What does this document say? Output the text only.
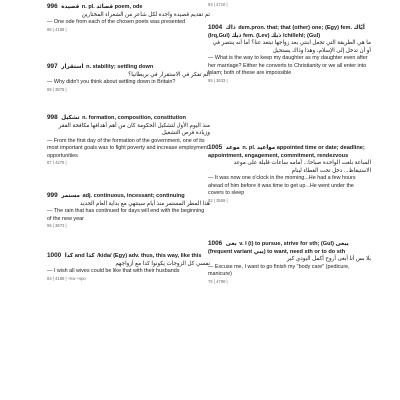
996 قصيدة n. pl. قصائد poem, ode
تم تقديم قصيدة واحدة لكل شاعر من الشعراء المختارين
— One ode from each of the chosen poets was presented
86 | 4189 |
997 استقرار n. stability; settling down
ألم تفكر في الاستقرار في بريطانيا؟
— Why didn't you think about settling down in Britain?
89 | 3878 |
998 تشكيل n. formation, composition, constitution
منذ اليوم الأول لتشكيل الحكومة كان من أهم أهدافها مكافحة الفقر وزيادة فرص التشغيل
— From the first day of the formation of the government, one of its most important goals was to fight poverty and increase employment opportunities
87 | 4279 |
999 مستمر adj. continuous, incessant; continuing
هذا المطر المستمر منذ أيام سينتهي مع بداية العام الجديد
— The rain that has continued for days will end with the beginning of the new year
96 | 3673 |
1000 كدا and كذا /kida/ (Egy) adv. thus, this way, like this
نفسي كل الزوجات يكونوا كدا مع أزواجهم
— I wish all wives could be like that with their husbands
84 | 4188 | +kw +spo
83 | 4710 |
1004 ذاك dem.pron. that; that (other) one; (Egy) fem. أيّاك (Irq,Gul) ذيك fem. (Lev) ذيك /chillehl; (Gul)
ما هي الطريقة التي تجعل ابنتي بعد زواجها تبتعد عنا؟ أما أنه ينتصر في أو أن تدخل إلى الإسلام، وهذا وذاك يستحيل
— What is the way to keep my daughter as my daughter even after her marriage? Either he converts to Christianity or we all enter into Islam; both of these are impossible
95 | 3633 |
1005 موعد n. pl. مواعيد appointed time or date; deadline; appointment, engagement, commitment, rendezvous
الساعة بلغت الواحدة صباحا... أمامه ساعات قليلة على موعد الاستيقاظ... دخل تحت الغطاء لينام
— It was now one o'clock in the morning...He had a few hours ahead of him before it was time to get up...He went under the covers to sleep
92 | 3559 |
1006 بغى v. I (i) to pursue, strive for sth; (Gul) يبغى (frequent variant يبي) to want, need sth or to do sth
بلا بس أنا أبغى أروح أكمل البودي كير
— Excuse me, I want to go finish my "body care" (pedicure, manicure)
75 | 4790 |
